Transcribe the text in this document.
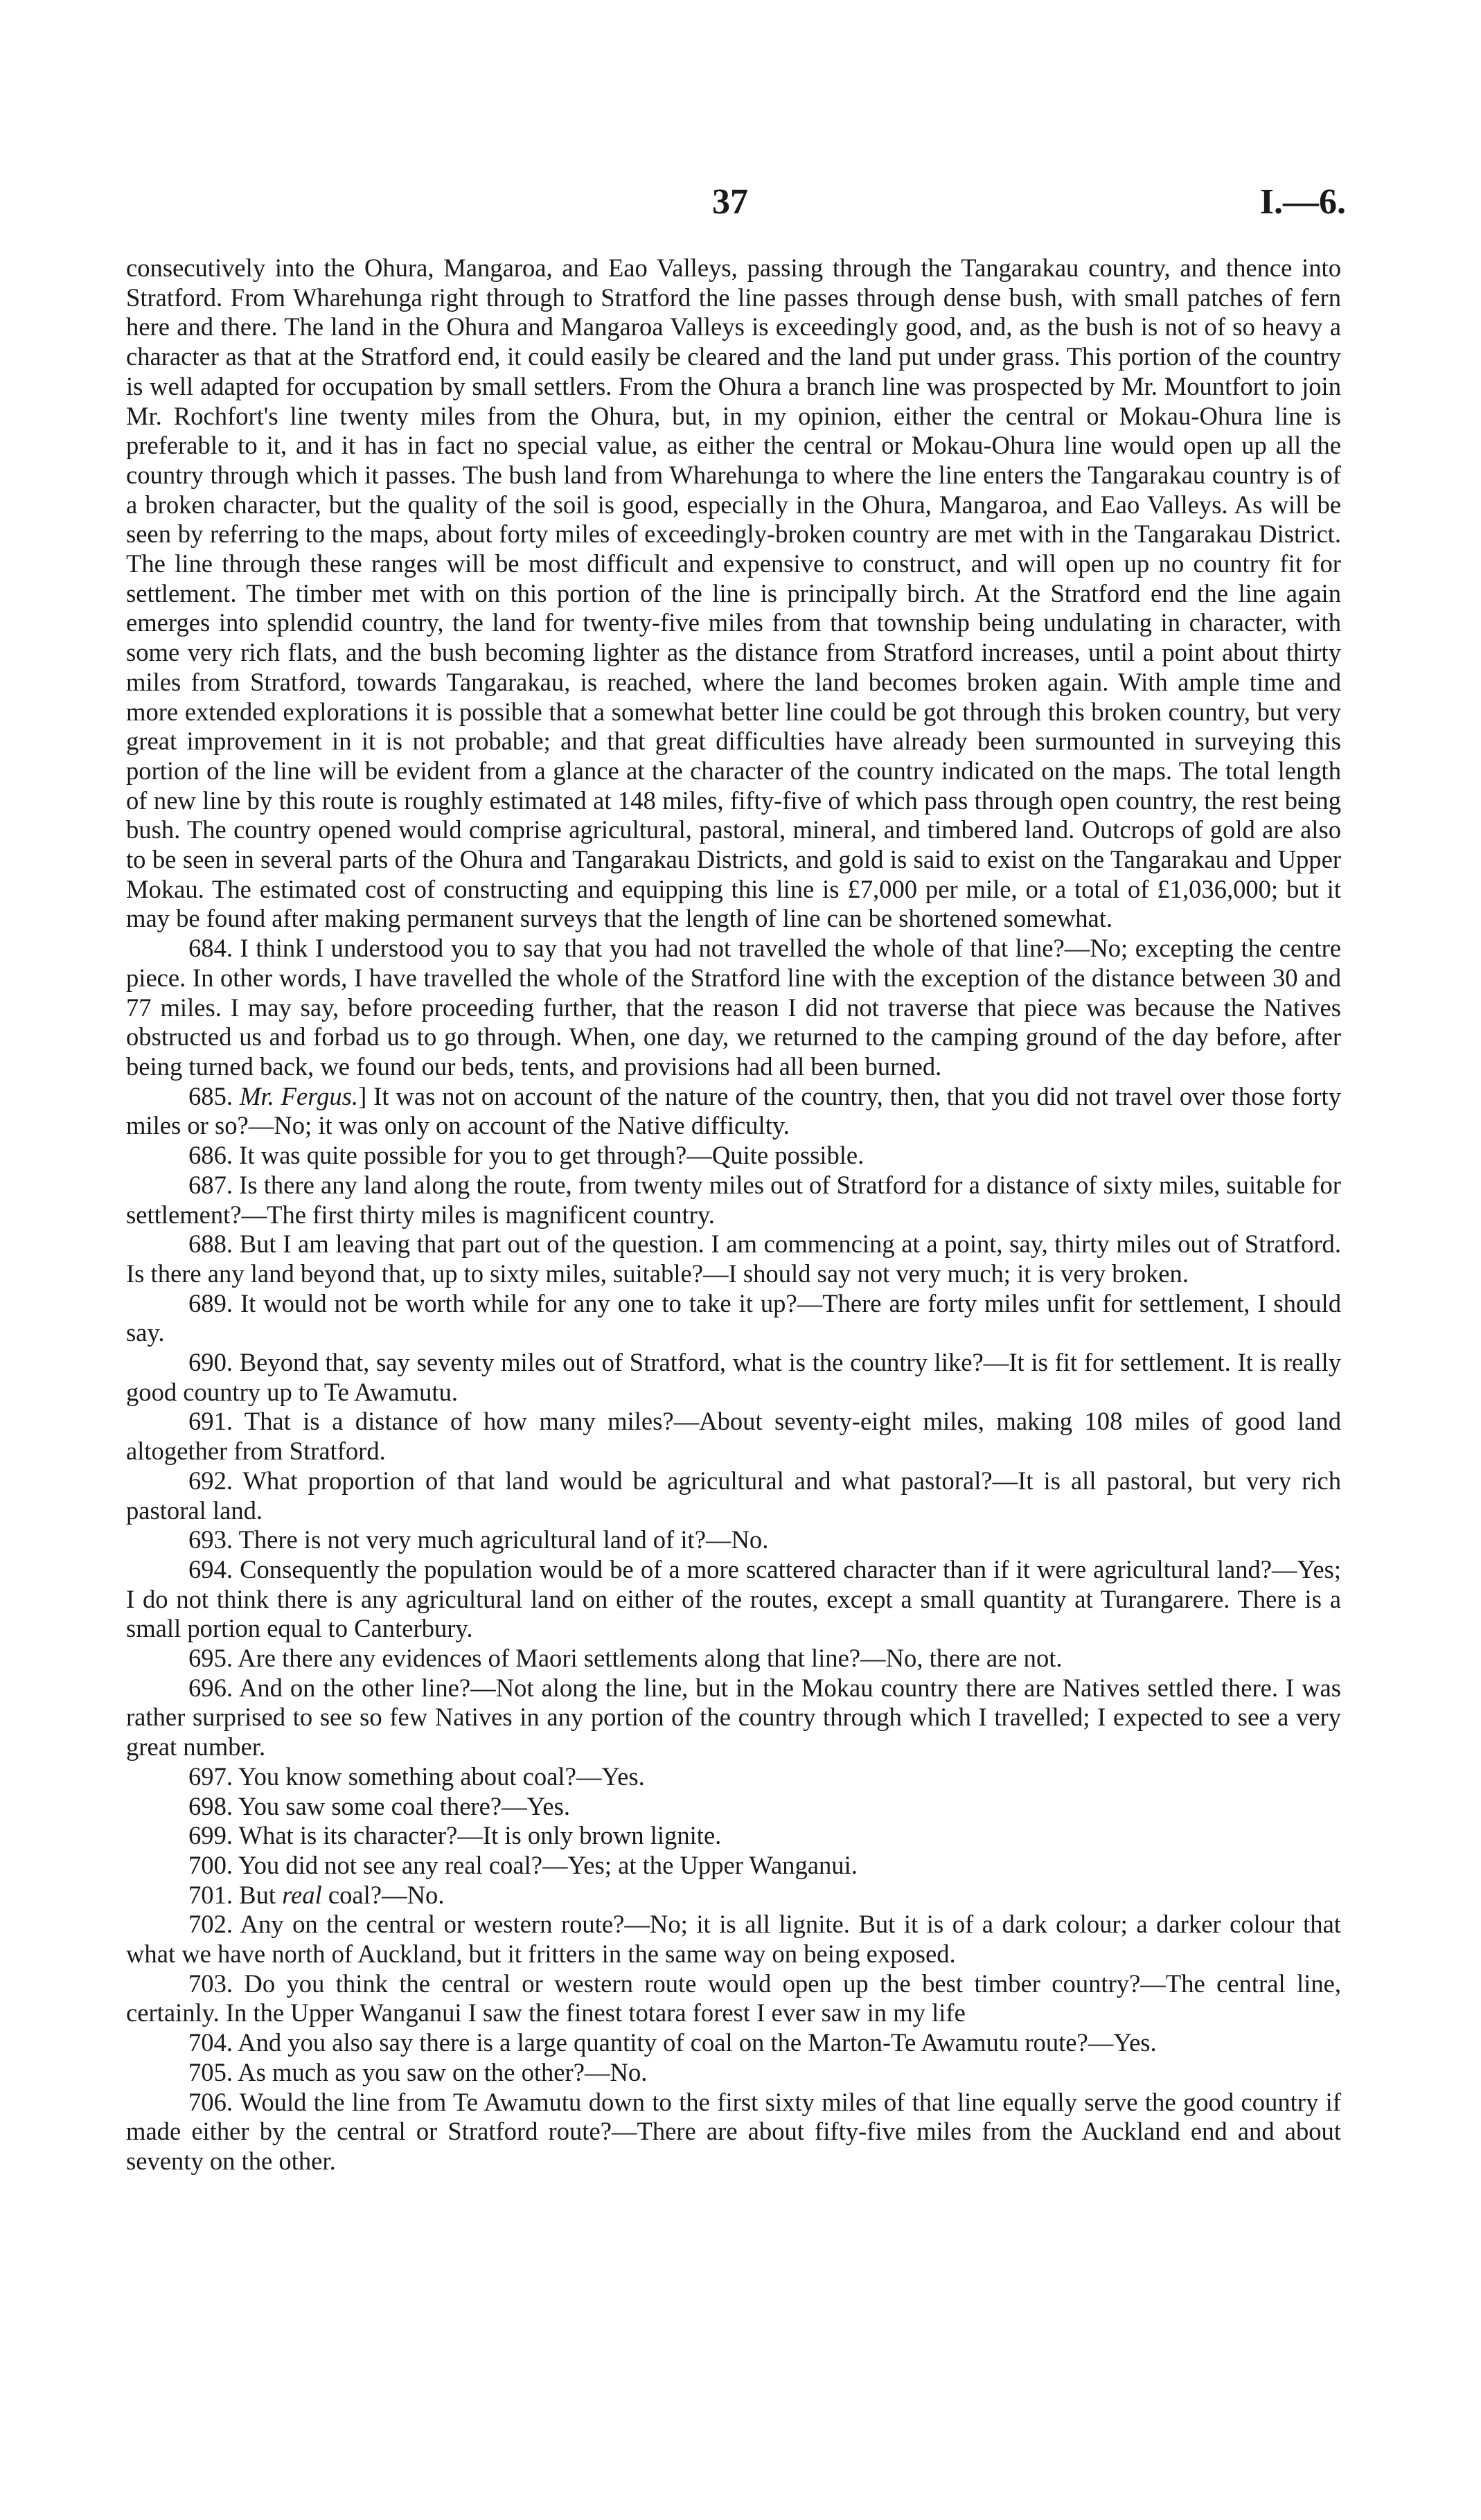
37	I.—6.

consecutively into the Ohura, Mangaroa, and Eao Valleys, passing through the Tangarakau country, and thence into Stratford. From Wharehunga right through to Stratford the line passes through dense bush, with small patches of fern here and there. The land in the Ohura and Mangaroa Valleys is exceedingly good, and, as the bush is not of so heavy a character as that at the Stratford end, it could easily be cleared and the land put under grass. This portion of the country is well adapted for occupation by small settlers. From the Ohura a branch line was prospected by Mr. Mountfort to join Mr. Rochfort's line twenty miles from the Ohura, but, in my opinion, either the central or Mokau-Ohura line is preferable to it, and it has in fact no special value, as either the central or Mokau-Ohura line would open up all the country through which it passes. The bush land from Wharehunga to where the line enters the Tangarakau country is of a broken character, but the quality of the soil is good, especially in the Ohura, Mangaroa, and Eao Valleys. As will be seen by referring to the maps, about forty miles of exceedingly-broken country are met with in the Tangarakau District. The line through these ranges will be most difficult and expensive to construct, and will open up no country fit for settlement. The timber met with on this portion of the line is principally birch. At the Stratford end the line again emerges into splendid country, the land for twenty-five miles from that township being undulating in character, with some very rich flats, and the bush becoming lighter as the distance from Stratford increases, until a point about thirty miles from Stratford, towards Tangarakau, is reached, where the land becomes broken again. With ample time and more extended explorations it is possible that a somewhat better line could be got through this broken country, but very great improvement in it is not probable; and that great difficulties have already been surmounted in surveying this portion of the line will be evident from a glance at the character of the country indicated on the maps. The total length of new line by this route is roughly estimated at 148 miles, fifty-five of which pass through open country, the rest being bush. The country opened would comprise agricultural, pastoral, mineral, and timbered land. Outcrops of gold are also to be seen in several parts of the Ohura and Tangarakau Districts, and gold is said to exist on the Tangarakau and Upper Mokau. The estimated cost of constructing and equipping this line is £7,000 per mile, or a total of £1,036,000; but it may be found after making permanent surveys that the length of line can be shortened somewhat.

684. I think I understood you to say that you had not travelled the whole of that line?—No; excepting the centre piece. In other words, I have travelled the whole of the Stratford line with the exception of the distance between 30 and 77 miles. I may say, before proceeding further, that the reason I did not traverse that piece was because the Natives obstructed us and forbad us to go through. When, one day, we returned to the camping ground of the day before, after being turned back, we found our beds, tents, and provisions had all been burned.

685. Mr. Fergus.] It was not on account of the nature of the country, then, that you did not travel over those forty miles or so?—No; it was only on account of the Native difficulty.

686. It was quite possible for you to get through?—Quite possible.

687. Is there any land along the route, from twenty miles out of Stratford for a distance of sixty miles, suitable for settlement?—The first thirty miles is magnificent country.

688. But I am leaving that part out of the question. I am commencing at a point, say, thirty miles out of Stratford. Is there any land beyond that, up to sixty miles, suitable?—I should say not very much; it is very broken.

689. It would not be worth while for any one to take it up?—There are forty miles unfit for settlement, I should say.

690. Beyond that, say seventy miles out of Stratford, what is the country like?—It is fit for settlement. It is really good country up to Te Awamutu.

691. That is a distance of how many miles?—About seventy-eight miles, making 108 miles of good land altogether from Stratford.

692. What proportion of that land would be agricultural and what pastoral?—It is all pastoral, but very rich pastoral land.

693. There is not very much agricultural land of it?—No.

694. Consequently the population would be of a more scattered character than if it were agricultural land?—Yes; I do not think there is any agricultural land on either of the routes, except a small quantity at Turangarere. There is a small portion equal to Canterbury.

695. Are there any evidences of Maori settlements along that line?—No, there are not.

696. And on the other line?—Not along the line, but in the Mokau country there are Natives settled there. I was rather surprised to see so few Natives in any portion of the country through which I travelled; I expected to see a very great number.

697. You know something about coal?—Yes.

698. You saw some coal there?—Yes.

699. What is its character?—It is only brown lignite.

700. You did not see any real coal?—Yes; at the Upper Wanganui.

701. But real coal?—No.

702. Any on the central or western route?—No; it is all lignite. But it is of a dark colour; a darker colour that what we have north of Auckland, but it fritters in the same way on being exposed.

703. Do you think the central or western route would open up the best timber country?—The central line, certainly. In the Upper Wanganui I saw the finest totara forest I ever saw in my life

704. And you also say there is a large quantity of coal on the Marton-Te Awamutu route?—Yes.

705. As much as you saw on the other?—No.

706. Would the line from Te Awamutu down to the first sixty miles of that line equally serve the good country if made either by the central or Stratford route?—There are about fifty-five miles from the Auckland end and about seventy on the other.
